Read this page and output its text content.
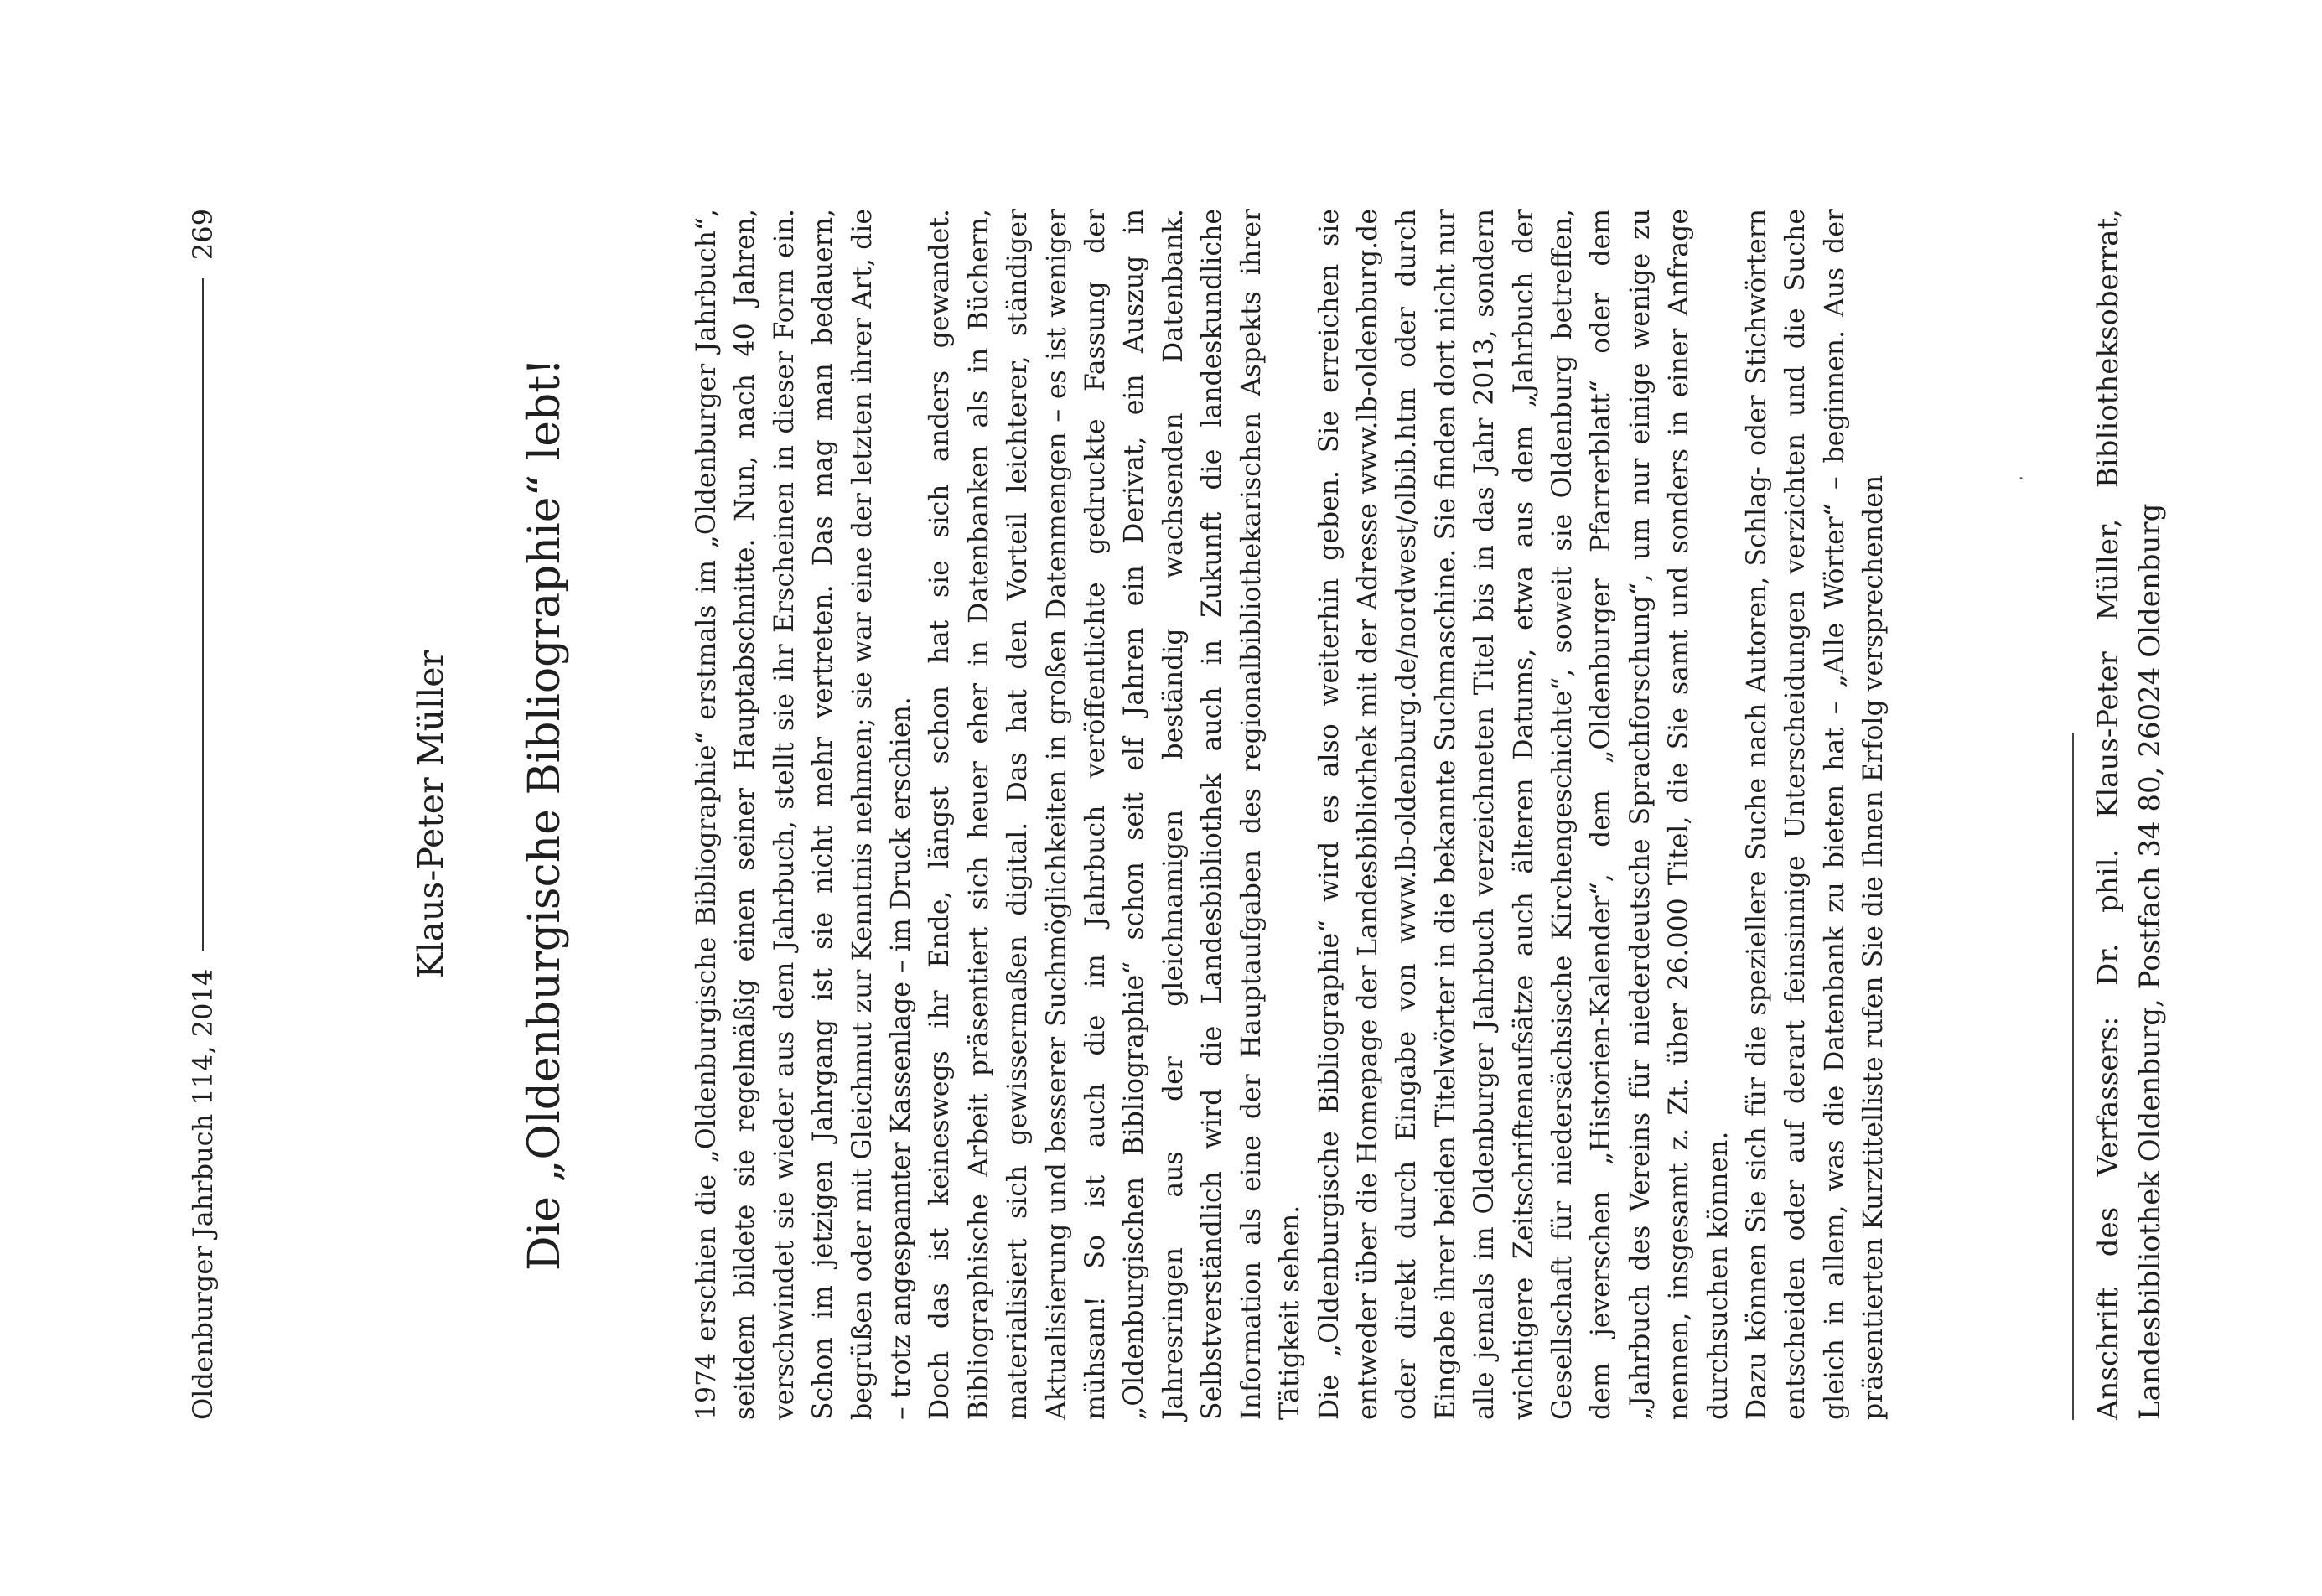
Oldenburger Jahrbuch 114, 2014
269
Klaus-Peter Müller Die „Oldenburgische Bibliographie“ lebt!	1974 erschien die „Oldenburgische Bibliographie“ erstmals im „Oldenburger Jahrbuch“, seitdem bildete sie regelmäßig einen seiner Hauptabschnitte. Nun, nach 40 Jahren, verschwindet sie wieder aus dem Jahrbuch, stellt sie ihr Erscheinen in dieser Form ein. Schon im jetzigen Jahrgang ist sie nicht mehr vertreten. Das mag man bedauern, begrüßen oder mit Gleichmut zur Kenntnis nehmen; sie war eine der letzten ihrer Art, die – trotz angespannter Kassenlage – im Druck erschien. Doch das ist keineswegs ihr Ende, längst schon hat sie sich anders gewandet. Bibliographische Arbeit präsentiert sich heuer eher in Datenbanken als in Büchern, materialisiert sich gewissermaßen digital. Das hat den Vorteil leichterer, ständiger Aktualisierung und besserer Suchmöglichkeiten in großen Datenmengen – es ist weniger mühsam! So ist auch die im Jahrbuch veröffentlichte gedruckte Fassung der „Oldenburgischen Bibliographie“ schon seit elf Jahren ein Derivat, ein Auszug in Jahresringen aus der gleichnamigen beständig wachsenden Datenbank. Selbstverständlich wird die Landesbibliothek auch in Zukunft die landeskundliche Information als eine der Hauptaufgaben des regionalbibliothekarischen Aspekts ihrer Tätigkeit sehen. Die „Oldenburgische Bibliographie“ wird es also weiterhin geben. Sie erreichen sie entweder über die Homepage der Landesbibliothek mit der Adresse www.lb-oldenburg.de oder direkt durch Eingabe von www.lb-oldenburg.de/nordwest/olbib.htm oder durch Eingabe ihrer beiden Titelwörter in die bekannte Suchmaschine. Sie finden dort nicht nur alle jemals im Oldenburger Jahrbuch verzeichneten Titel bis in das Jahr 2013, sondern wichtigere Zeitschriftenaufsätze auch älteren Datums, etwa aus dem „Jahrbuch der Gesellschaft für niedersächsische Kirchengeschichte“, soweit sie Oldenburg betreffen, dem jeverschen „Historien-Kalender“, dem „Oldenburger Pfarrerblatt“ oder dem „Jahrbuch des Vereins für niederdeutsche Sprachforschung“, um nur einige wenige zu nennen, insgesamt z. Zt. über 26.000 Titel, die Sie samt und sonders in einer Anfrage durchsuchen können. Dazu können Sie sich für die speziellere Suche nach Autoren, Schlag- oder Stichwörtern entscheiden oder auf derart feinsinnige Unterscheidungen verzichten und die Suche gleich in allem, was die Datenbank zu bieten hat – „Alle Wörter“ – beginnen. Aus der präsentierten Kurztitelliste rufen Sie die Ihnen Erfolg versprechenden	· Anschrift des Verfassers: Dr. phil. Klaus-Peter Müller, Bibliotheksoberrat, Landesbibliothek Oldenburg, Postfach 34 80, 26024 Oldenburg
